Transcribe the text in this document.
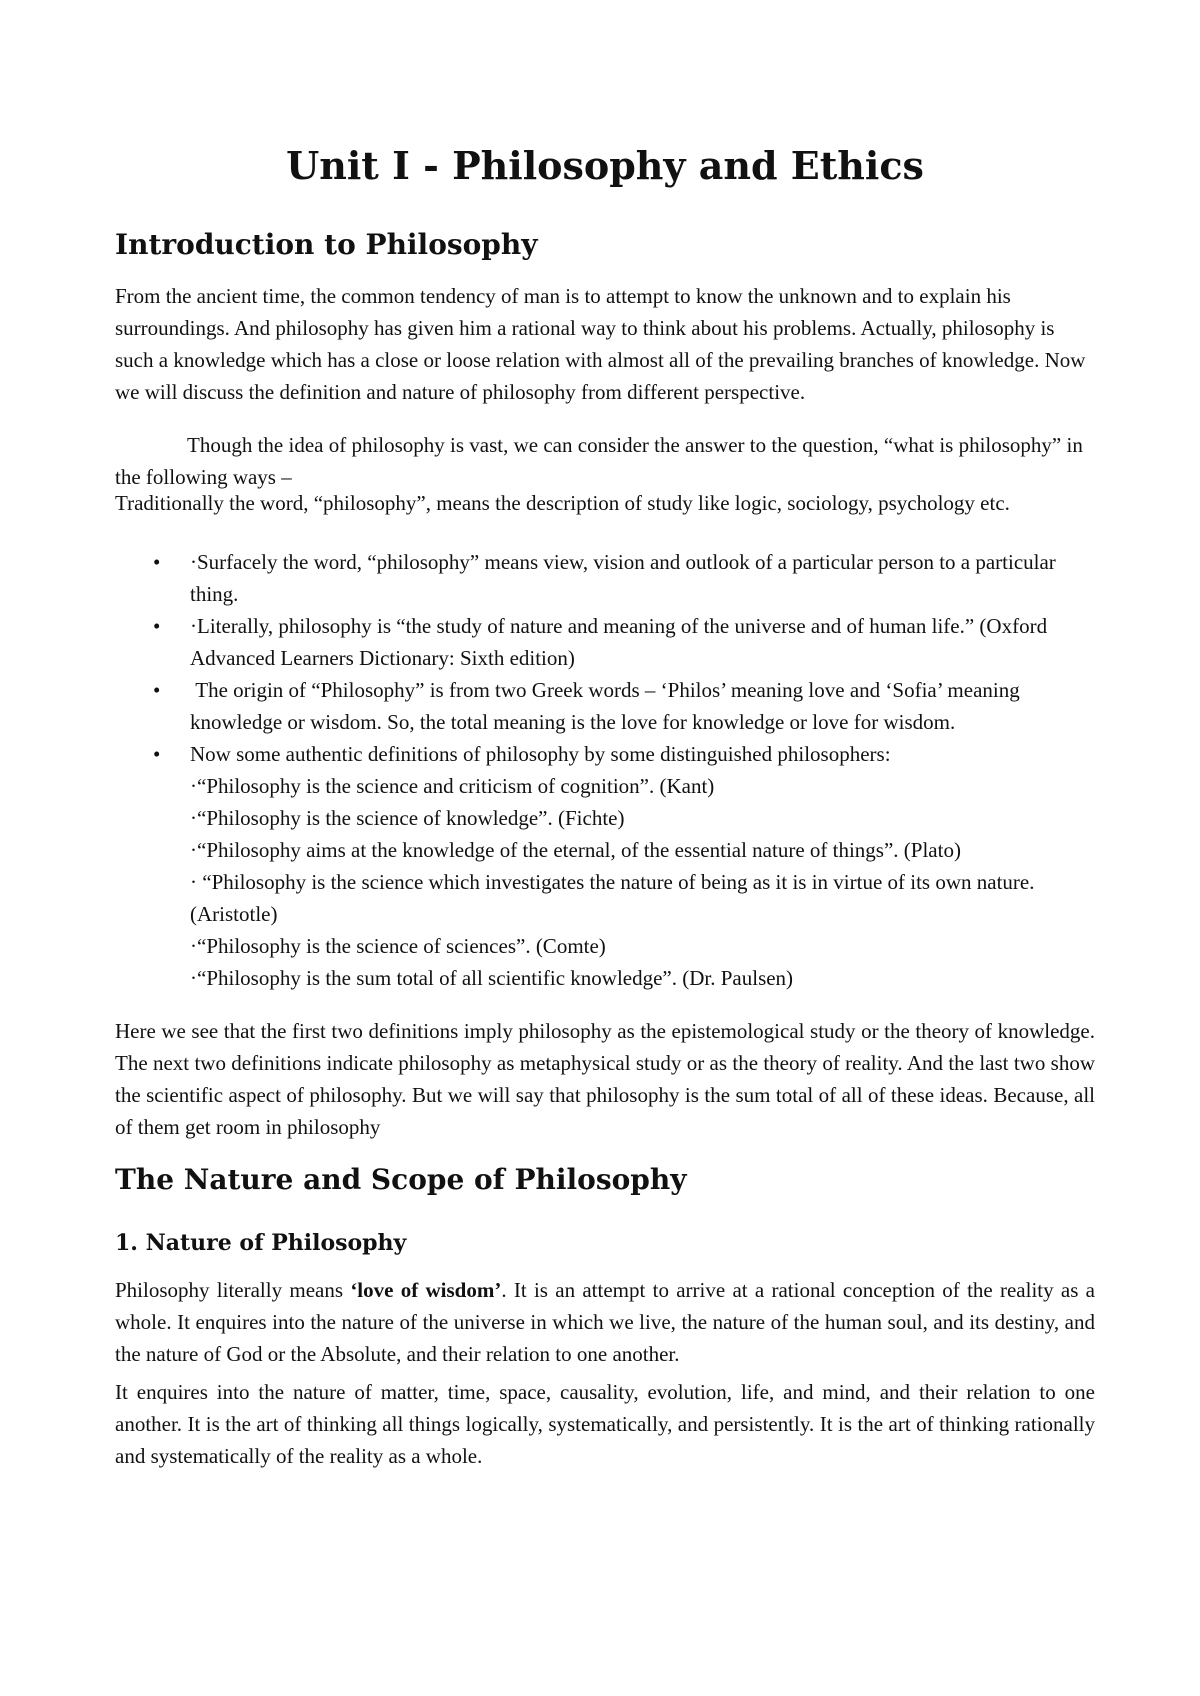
Unit I - Philosophy and Ethics
Introduction to Philosophy

From the ancient time, the common tendency of man is to attempt to know the unknown and to explain his surroundings. And philosophy has given him a rational way to think about his problems. Actually, philosophy is such a knowledge which has a close or loose relation with almost all of the prevailing branches of knowledge. Now we will discuss the definition and nature of philosophy from different perspective.

Though the idea of philosophy is vast, we can consider the answer to the question, “what is philosophy” in the following ways –

Traditionally the word, “philosophy”, means the description of study like logic, sociology, psychology etc.

• ·Surfacely the word, “philosophy” means view, vision and outlook of a particular person to a particular thing.
• ·Literally, philosophy is “the study of nature and meaning of the universe and of human life.” (Oxford Advanced Learners Dictionary: Sixth edition)
• The origin of “Philosophy” is from two Greek words – ‘Philos’ meaning love and ‘Sofia’ meaning knowledge or wisdom. So, the total meaning is the love for knowledge or love for wisdom.
• Now some authentic definitions of philosophy by some distinguished philosophers:
·“Philosophy is the science and criticism of cognition”. (Kant)
·“Philosophy is the science of knowledge”. (Fichte)
·“Philosophy aims at the knowledge of the eternal, of the essential nature of things”. (Plato)
· “Philosophy is the science which investigates the nature of being as it is in virtue of its own nature. (Aristotle)
·“Philosophy is the science of sciences”. (Comte)
·“Philosophy is the sum total of all scientific knowledge”. (Dr. Paulsen)

Here we see that the first two definitions imply philosophy as the epistemological study or the theory of knowledge. The next two definitions indicate philosophy as metaphysical study or as the theory of reality. And the last two show the scientific aspect of philosophy. But we will say that philosophy is the sum total of all of these ideas. Because, all of them get room in philosophy

The Nature and Scope of Philosophy
1. Nature of Philosophy

Philosophy literally means ‘love of wisdom’. It is an attempt to arrive at a rational conception of the reality as a whole. It enquires into the nature of the universe in which we live, the nature of the human soul, and its destiny, and the nature of God or the Absolute, and their relation to one another.

It enquires into the nature of matter, time, space, causality, evolution, life, and mind, and their relation to one another. It is the art of thinking all things logically, systematically, and persistently. It is the art of thinking rationally and systematically of the reality as a whole.
